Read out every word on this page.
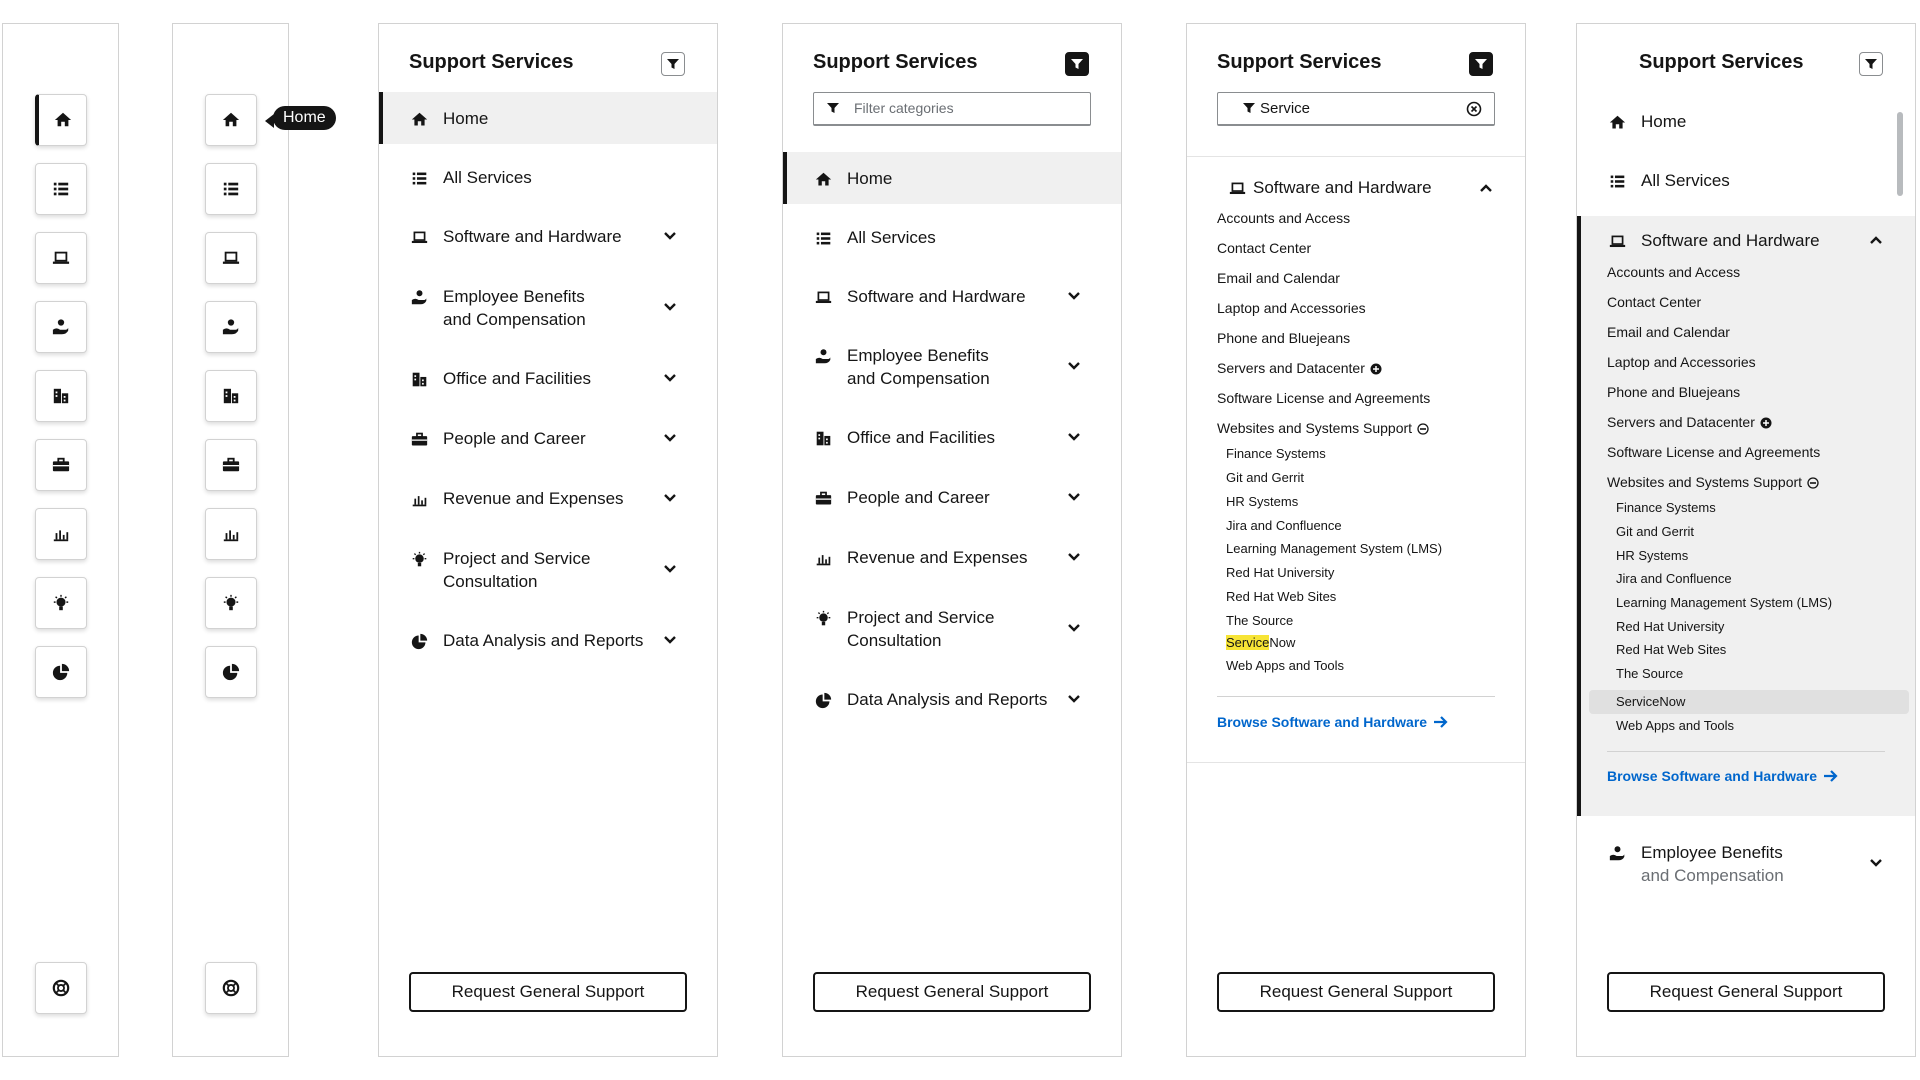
Home
Support Services
Home
All Services
Software and Hardware
Employee Benefits
and Compensation
Office and Facilities
People and Career
Revenue and Expenses
Project and Service
Consultation
Data Analysis and Reports
Request General Support
Support Services
Filter categories
Home
All Services
Software and Hardware
Employee Benefits
and Compensation
Office and Facilities
People and Career
Revenue and Expenses
Project and Service
Consultation
Data Analysis and Reports
Request General Support
Support Services
Service
Software and Hardware
Accounts and Access
Contact Center
Email and Calendar
Laptop and Accessories
Phone and Bluejeans
Servers and Datacenter
Software License and Agreements
Websites and Systems Support
Finance Systems
Git and Gerrit
HR Systems
Jira and Confluence
Learning Management System (LMS)
Red Hat University
Red Hat Web Sites
The Source
ServiceNow
Web Apps and Tools
Browse Software and Hardware
Request General Support
Support Services
Home
All Services
Software and Hardware
Accounts and Access
Contact Center
Email and Calendar
Laptop and Accessories
Phone and Bluejeans
Servers and Datacenter
Software License and Agreements
Websites and Systems Support
Finance Systems
Git and Gerrit
HR Systems
Jira and Confluence
Learning Management System (LMS)
Red Hat University
Red Hat Web Sites
The Source
ServiceNow
Web Apps and Tools
Browse Software and Hardware
Employee Benefits
and Compensation
Request General Support
